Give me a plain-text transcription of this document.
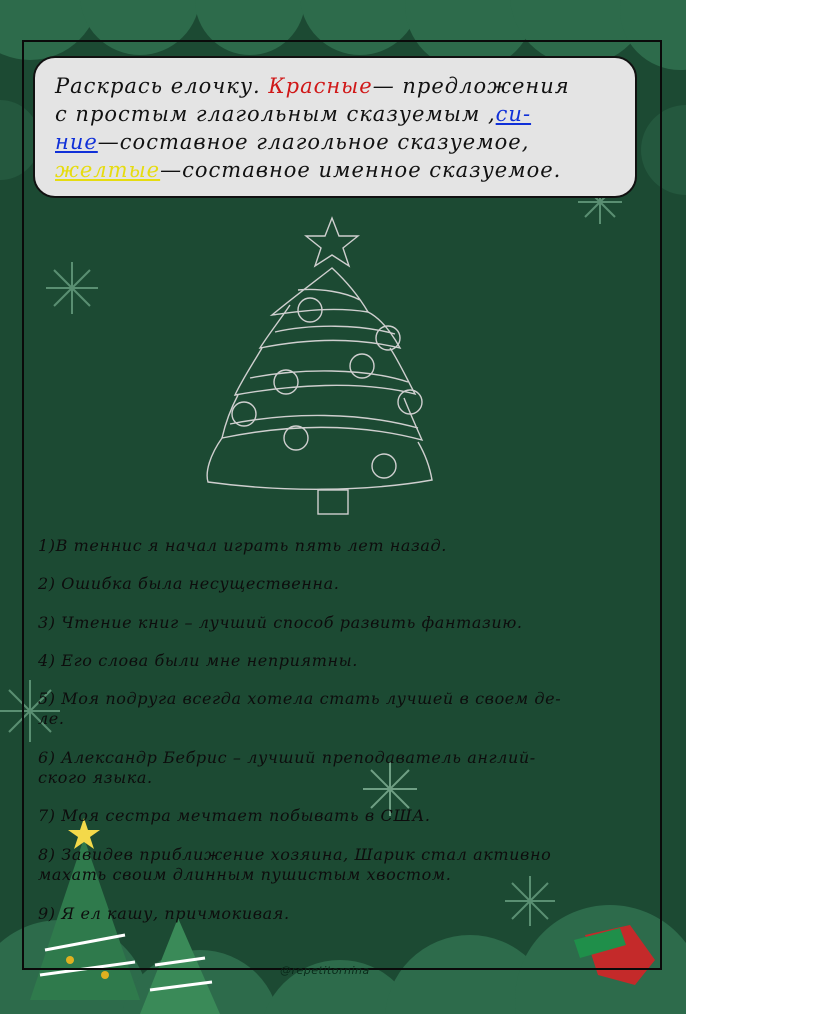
Раскрась елочку. Красные— предложения
с простым глагольным сказуемым ,си-
ние—составное глагольное сказуемое,
желтые—составное именное сказуемое.
1)В теннис я начал играть пять лет назад.
2) Ошибка была несущественна.
3) Чтение книг – лучший способ развить фантазию.
4) Его слова были мне неприятны.
5) Моя подруга всегда хотела стать лучшей в своем де-
ле.
6) Александр Бебрис – лучший преподаватель англий-
ского языка.
7) Моя сестра мечтает побывать в США.
8) Завидев приближение хозяина, Шарик стал активно
махать своим длинным пушистым хвостом.
9) Я ел кашу, причмокивая.
@repetitornina
